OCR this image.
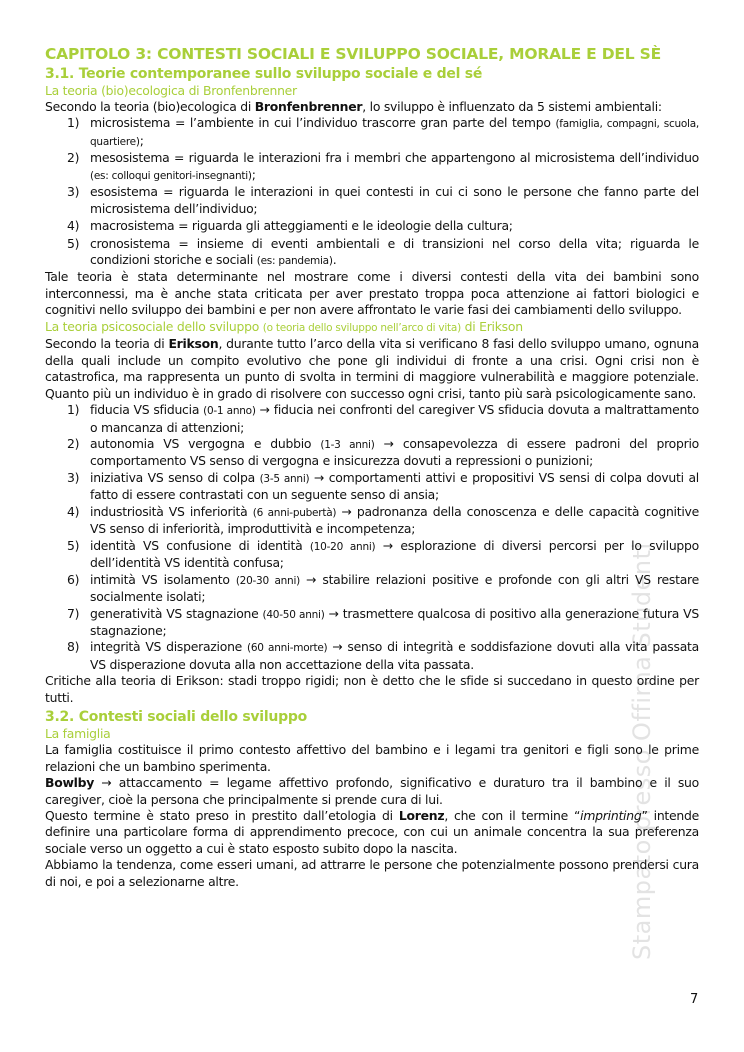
Stampato presso Offirna Studenti
CAPITOLO 3: CONTESTI SOCIALI E SVILUPPO SOCIALE, MORALE E DEL SÈ
3.1. Teorie contemporanee sullo sviluppo sociale e del sé
La teoria (bio)ecologica di Bronfenbrenner

Secondo la teoria (bio)ecologica di Bronfenbrenner, lo sviluppo è influenzato da 5 sistemi ambientali:

1) microsistema = l’ambiente in cui l’individuo trascorre gran parte del tempo (famiglia, compagni, scuola, quartiere);
2) mesosistema = riguarda le interazioni fra i membri che appartengono al microsistema dell’individuo (es: colloqui genitori-insegnanti);
3) esosistema = riguarda le interazioni in quei contesti in cui ci sono le persone che fanno parte del microsistema dell’individuo;
4) macrosistema = riguarda gli atteggiamenti e le ideologie della cultura;
5) cronosistema = insieme di eventi ambientali e di transizioni nel corso della vita; riguarda le condizioni storiche e sociali (es: pandemia).

Tale teoria è stata determinante nel mostrare come i diversi contesti della vita dei bambini sono interconnessi, ma è anche stata criticata per aver prestato troppa poca attenzione ai fattori biologici e cognitivi nello sviluppo dei bambini e per non avere affrontato le varie fasi dei cambiamenti dello sviluppo.

La teoria psicosociale dello sviluppo (o teoria dello sviluppo nell’arco di vita) di Erikson

Secondo la teoria di Erikson, durante tutto l’arco della vita si verificano 8 fasi dello sviluppo umano, ognuna della quali include un compito evolutivo che pone gli individui di fronte a una crisi. Ogni crisi non è catastrofica, ma rappresenta un punto di svolta in termini di maggiore vulnerabilità e maggiore potenziale. Quanto più un individuo è in grado di risolvere con successo ogni crisi, tanto più sarà psicologicamente sano.

1) fiducia VS sfiducia (0-1 anno) → fiducia nei confronti del caregiver VS sfiducia dovuta a maltrattamento o mancanza di attenzioni;
2) autonomia VS vergogna e dubbio (1-3 anni) → consapevolezza di essere padroni del proprio comportamento VS senso di vergogna e insicurezza dovuti a repressioni o punizioni;
3) iniziativa VS senso di colpa (3-5 anni) → comportamenti attivi e propositivi VS sensi di colpa dovuti al fatto di essere contrastati con un seguente senso di ansia;
4) industriosità VS inferiorità (6 anni-pubertà) → padronanza della conoscenza e delle capacità cognitive VS senso di inferiorità, improduttività e incompetenza;
5) identità VS confusione di identità (10-20 anni) → esplorazione di diversi percorsi per lo sviluppo dell’identità VS identità confusa;
6) intimità VS isolamento (20-30 anni) → stabilire relazioni positive e profonde con gli altri VS restare socialmente isolati;
7) generatività VS stagnazione (40-50 anni) → trasmettere qualcosa di positivo alla generazione futura VS stagnazione;
8) integrità VS disperazione (60 anni-morte) → senso di integrità e soddisfazione dovuti alla vita passata VS disperazione dovuta alla non accettazione della vita passata.

Critiche alla teoria di Erikson: stadi troppo rigidi; non è detto che le sfide si succedano in questo ordine per tutti.

3.2. Contesti sociali dello sviluppo
La famiglia

La famiglia costituisce il primo contesto affettivo del bambino e i legami tra genitori e figli sono le prime relazioni che un bambino sperimenta.

Bowlby → attaccamento = legame affettivo profondo, significativo e duraturo tra il bambino e il suo caregiver, cioè la persona che principalmente si prende cura di lui.

Questo termine è stato preso in prestito dall’etologia di Lorenz, che con il termine “imprinting” intende definire una particolare forma di apprendimento precoce, con cui un animale concentra la sua preferenza sociale verso un oggetto a cui è stato esposto subito dopo la nascita.

Abbiamo la tendenza, come esseri umani, ad attrarre le persone che potenzialmente possono prendersi cura di noi, e poi a selezionarne altre.

7
